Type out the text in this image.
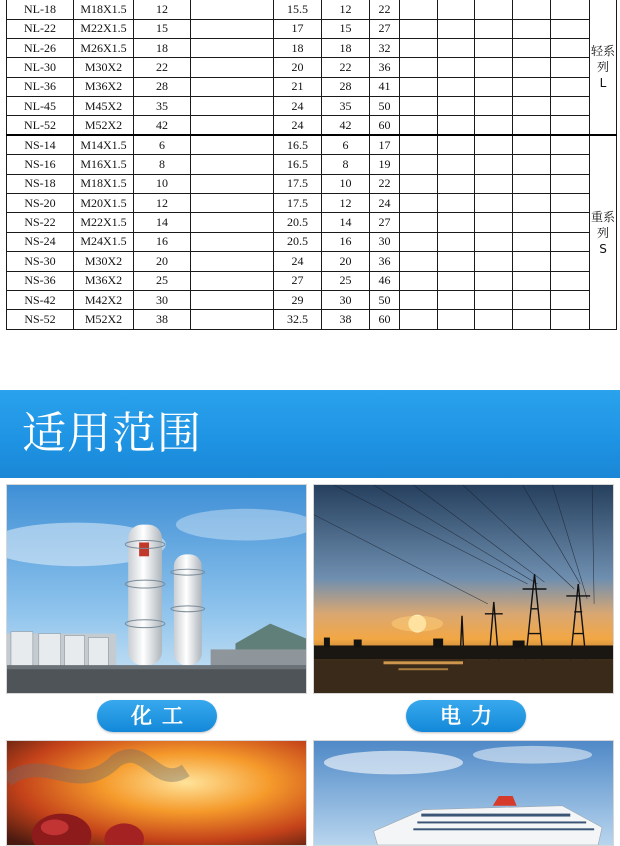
NL-18	M18X1.5	12		15.5	12	22						轻系列
L

NL-22	M22X1.5	15		17	15	27						
NL-26	M26X1.5	18		18	18	32						
NL-30	M30X2	22		20	22	36						
NL-36	M36X2	28		21	28	41						
NL-45	M45X2	35		24	35	50						
NL-52	M52X2	42		24	42	60						
NS-14	M14X1.5	6		16.5	6	17						重系列
S

NS-16	M16X1.5	8		16.5	8	19						
NS-18	M18X1.5	10		17.5	10	22						
NS-20	M20X1.5	12		17.5	12	24						
NS-22	M22X1.5	14		20.5	14	27						
NS-24	M24X1.5	16		20.5	16	30						
NS-30	M30X2	20		24	20	36						
NS-36	M36X2	25		27	25	46						
NS-42	M42X2	30		29	30	50						
NS-52	M52X2	38		32.5	38	60						
适用范围
化工	电力
